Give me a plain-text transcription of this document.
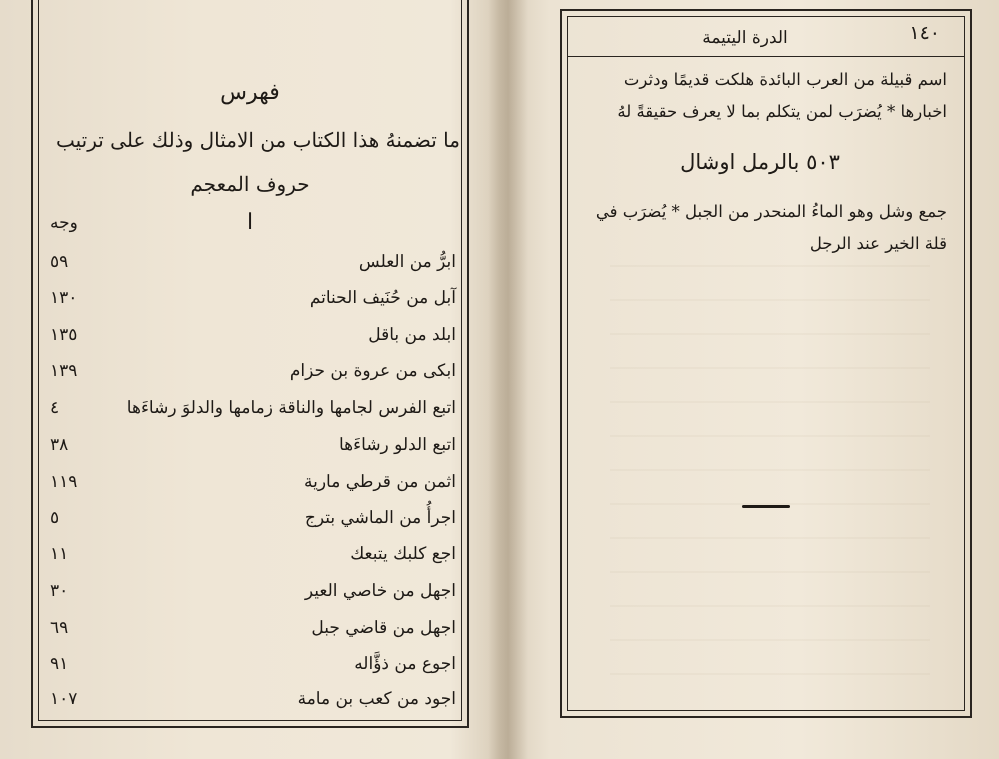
فهرس
ما تضمنهُ هذا الكتاب من الامثال وذلك على ترتيب
حروف المعجم
وجه	ا
ابرُّ من العلس
٥٩
آبل من حُنَيف الحناتم
١٣٠
ابلد من باقل
١٣٥
ابكى من عروة بن حزام
١٣٩
اتبع الفرس لجامها والناقة زمامها والدلوَ رشاءَها
٤
اتبع الدلو رشاءَها
٣٨
اثمن من قرطي مارية
١١٩
اجرأُ من الماشي بترج
٥
اجع كلبك يتبعك
١١
اجهل من خاصي العير
٣٠
اجهل من قاضي جبل
٦٩
اجوع من ذؤَّاله
٩١
اجود من كعب بن مامة
١٠٧
الدرة اليتيمة	١٤٠
اسم قبيلة من العرب البائدة هلكت قديمًا ودثرت
اخبارها * يُضرَب لمن يتكلم بما لا يعرف حقيقةً لهُ
٥٠٣ بالرمل اوشال
جمع وشل وهو الماءُ المنحدر من الجبل * يُضرَب في
قلة الخير عند الرجل
